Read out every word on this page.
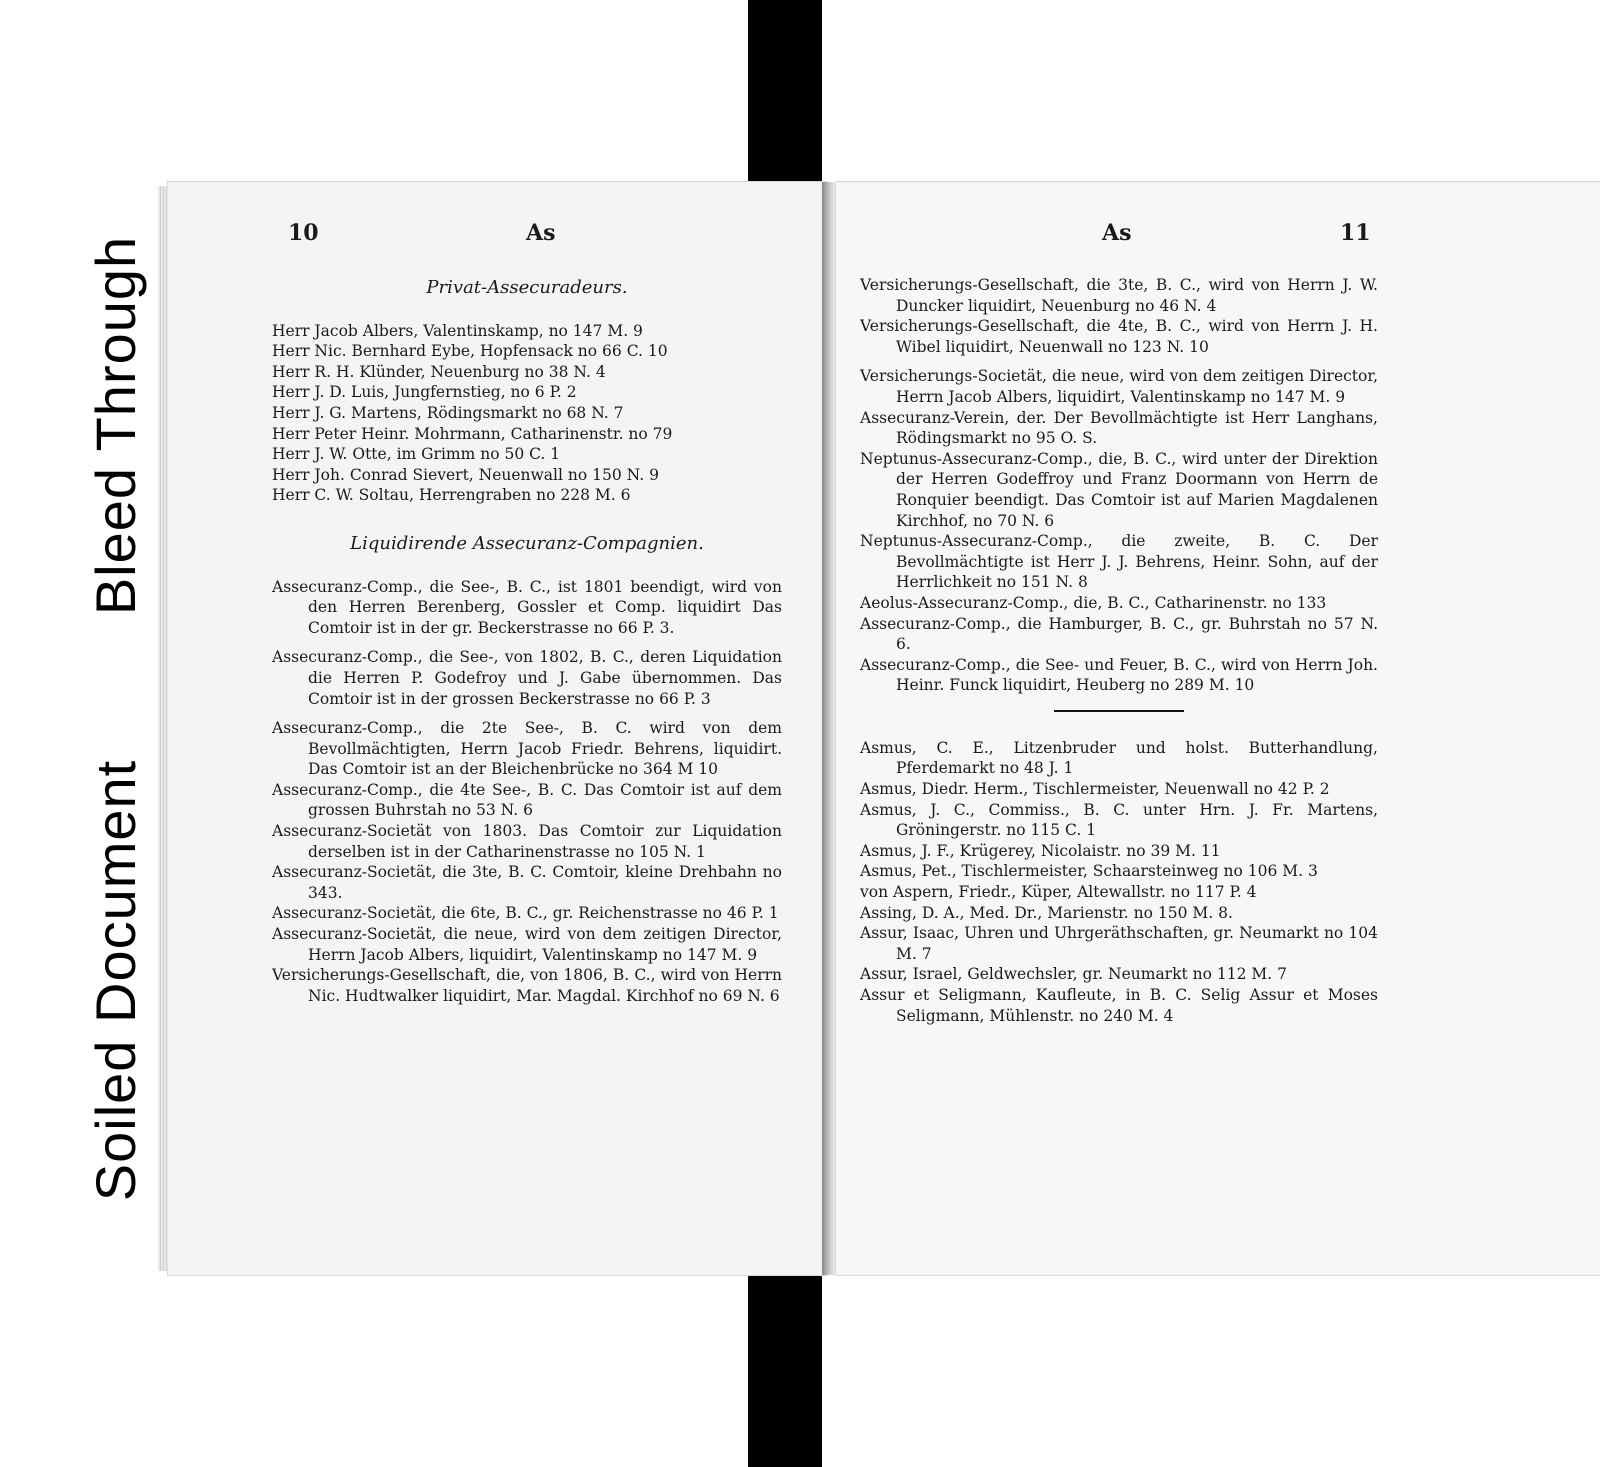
Bleed Through
Soiled Document
10	As	As	11
Privat-Assecuradeurs.
Herr Jacob Albers, Valentinskamp, no 147 M. 9
Herr Nic. Bernhard Eybe, Hopfensack no 66 C. 10
Herr R. H. Klünder, Neuenburg no 38 N. 4
Herr J. D. Luis, Jungfernstieg, no 6 P. 2
Herr J. G. Martens, Rödingsmarkt no 68 N. 7
Herr Peter Heinr. Mohrmann, Catharinenstr. no 79
Herr J. W. Otte, im Grimm no 50 C. 1
Herr Joh. Conrad Sievert, Neuenwall no 150 N. 9
Herr C. W. Soltau, Herrengraben no 228 M. 6
Liquidirende Assecuranz-Compagnien.

Assecuranz-Comp., die See-, B. C., ist 1801 beendigt, wird von den Herren Berenberg, Gossler et Comp. liquidirt Das Comtoir ist in der gr. Beckerstrasse no 66 P. 3.

Assecuranz-Comp., die See-, von 1802, B. C., deren Liquidation die Herren P. Godefroy und J. Gabe übernommen. Das Comtoir ist in der grossen Beckerstrasse no 66 P. 3

Assecuranz-Comp., die 2te See-, B. C. wird von dem Bevollmächtigten, Herrn Jacob Friedr. Behrens, liquidirt. Das Comtoir ist an der Bleichenbrücke no 364 M 10

Assecuranz-Comp., die 4te See-, B. C. Das Comtoir ist auf dem grossen Buhrstah no 53 N. 6

Assecuranz-Societät von 1803. Das Comtoir zur Liquidation derselben ist in der Catharinenstrasse no 105 N. 1

Assecuranz-Societät, die 3te, B. C. Comtoir, kleine Drehbahn no 343.

Assecuranz-Societät, die 6te, B. C., gr. Reichenstrasse no 46 P. 1

Assecuranz-Societät, die neue, wird von dem zeitigen Director, Herrn Jacob Albers, liquidirt, Valentinskamp no 147 M. 9

Versicherungs-Gesellschaft, die, von 1806, B. C., wird von Herrn Nic. Hudtwalker liquidirt, Mar. Magdal. Kirchhof no 69 N. 6

Versicherungs-Gesellschaft, die 3te, B. C., wird von Herrn J. W. Duncker liquidirt, Neuenburg no 46 N. 4

Versicherungs-Gesellschaft, die 4te, B. C., wird von Herrn J. H. Wibel liquidirt, Neuenwall no 123 N. 10

Versicherungs-Societät, die neue, wird von dem zeitigen Director, Herrn Jacob Albers, liquidirt, Valentinskamp no 147 M. 9

Assecuranz-Verein, der. Der Bevollmächtigte ist Herr Langhans, Rödingsmarkt no 95 O. S.

Neptunus-Assecuranz-Comp., die, B. C., wird unter der Direktion der Herren Godeffroy und Franz Doormann von Herrn de Ronquier beendigt. Das Comtoir ist auf Marien Magdalenen Kirchhof, no 70 N. 6

Neptunus-Assecuranz-Comp., die zweite, B. C. Der Bevollmächtigte ist Herr J. J. Behrens, Heinr. Sohn, auf der Herrlichkeit no 151 N. 8

Aeolus-Assecuranz-Comp., die, B. C., Catharinenstr. no 133

Assecuranz-Comp., die Hamburger, B. C., gr. Buhrstah no 57 N. 6.

Assecuranz-Comp., die See- und Feuer, B. C., wird von Herrn Joh. Heinr. Funck liquidirt, Heuberg no 289 M. 10

Asmus, C. E., Litzenbruder und holst. Butterhandlung, Pferdemarkt no 48 J. 1

Asmus, Diedr. Herm., Tischlermeister, Neuenwall no 42 P. 2

Asmus, J. C., Commiss., B. C. unter Hrn. J. Fr. Martens, Gröningerstr. no 115 C. 1

Asmus, J. F., Krügerey, Nicolaistr. no 39 M. 11

Asmus, Pet., Tischlermeister, Schaarsteinweg no 106 M. 3

von Aspern, Friedr., Küper, Altewallstr. no 117 P. 4

Assing, D. A., Med. Dr., Marienstr. no 150 M. 8.

Assur, Isaac, Uhren und Uhrgeräthschaften, gr. Neumarkt no 104 M. 7

Assur, Israel, Geldwechsler, gr. Neumarkt no 112 M. 7

Assur et Seligmann, Kaufleute, in B. C. Selig Assur et Moses Seligmann, Mühlenstr. no 240 M. 4
